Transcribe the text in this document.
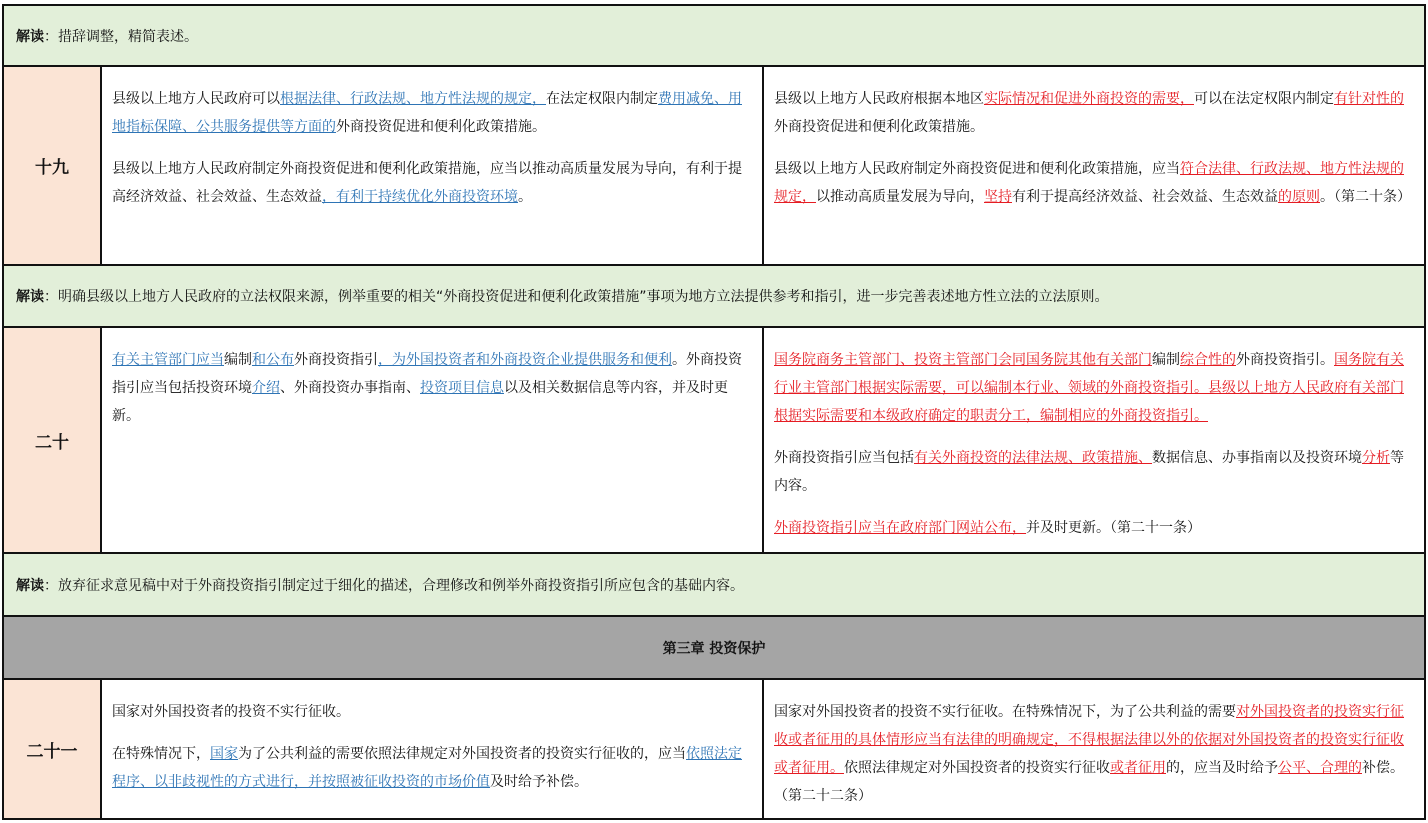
解读 ：措辞调整，精简表述。
十九

县级以上地方人民政府可以根据法律、行政法规、地方性法规的规定，在法定权限内制定费用减免、用地指标保障、公共服务提供等方面的外商投资促进和便利化政策措施。

县级以上地方人民政府制定外商投资促进和便利化政策措施，应当以推动高质量发展为导向，有利于提高经济效益、社会效益、生态效益，有利于持续优化外商投资环境。

县级以上地方人民政府根据本地区实际情况和促进外商投资的需要，可以在法定权限内制定有针对性的外商投资促进和便利化政策措施。

县级以上地方人民政府制定外商投资促进和便利化政策措施，应当符合法律、行政法规、地方性法规的规定，以推动高质量发展为导向，坚持有利于提高经济效益、社会效益、生态效益的原则。（第二十条）

解读 ：明确县级以上地方人民政府的立法权限来源，例举重要的相关“外商投资促进和便利化政策措施”事项为地方立法提供参考和指引，进一步完善表述地方性立法的立法原则。
二十

有关主管部门应当编制和公布外商投资指引，为外国投资者和外商投资企业提供服务和便利。外商投资指引应当包括投资环境介绍、外商投资办事指南、投资项目信息以及相关数据信息等内容，并及时更新。

国务院商务主管部门、投资主管部门会同国务院其他有关部门编制综合性的外商投资指引。国务院有关行业主管部门根据实际需要，可以编制本行业、领域的外商投资指引。县级以上地方人民政府有关部门根据实际需要和本级政府确定的职责分工，编制相应的外商投资指引。

外商投资指引应当包括有关外商投资的法律法规、政策措施、数据信息、办事指南以及投资环境分析等内容。

外商投资指引应当在政府部门网站公布，并及时更新。（第二十一条）

解读 ：放弃征求意见稿中对于外商投资指引制定过于细化的描述，合理修改和例举外商投资指引所应包含的基础内容。
第三章 投资保护
二十一

国家对外国投资者的投资不实行征收。

在特殊情况下，国家为了公共利益的需要依照法律规定对外国投资者的投资实行征收的，应当依照法定程序、以非歧视性的方式进行，并按照被征收投资的市场价值及时给予补偿。

国家对外国投资者的投资不实行征收。在特殊情况下，为了公共利益的需要对外国投资者的投资实行征收或者征用的具体情形应当有法律的明确规定，不得根据法律以外的依据对外国投资者的投资实行征收或者征用。依照法律规定对外国投资者的投资实行征收或者征用的，应当及时给予公平、合理的补偿。（第二十二条）
